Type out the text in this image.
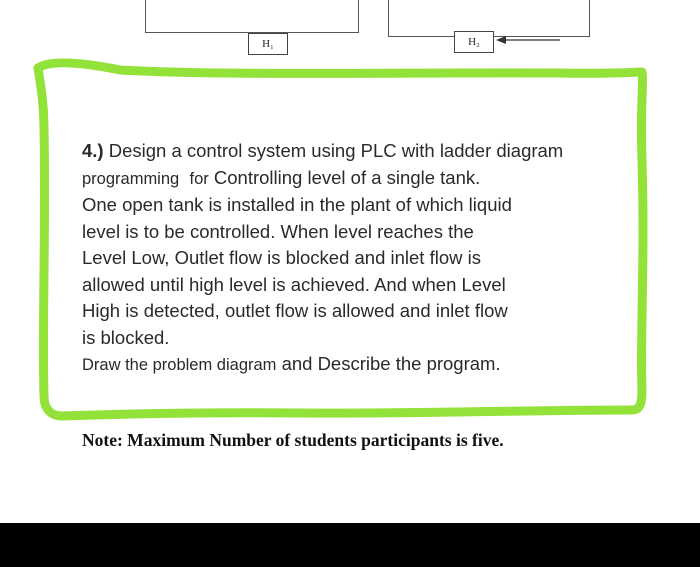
H₁	H₂
4.) Design a control system using PLC with ladder diagram
programming for Controlling level of a single tank.
One open tank is installed in the plant of which liquid
level is to be controlled. When level reaches the
Level Low, Outlet flow is blocked and inlet flow is
allowed until high level is achieved. And when Level
High is detected, outlet flow is allowed and inlet flow
is blocked.
Draw the problem diagram and Describe the program.
Note: Maximum Number of students participants is five.
